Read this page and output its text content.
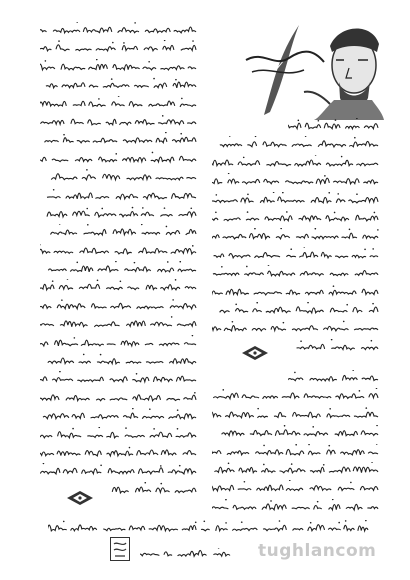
tughlancom
